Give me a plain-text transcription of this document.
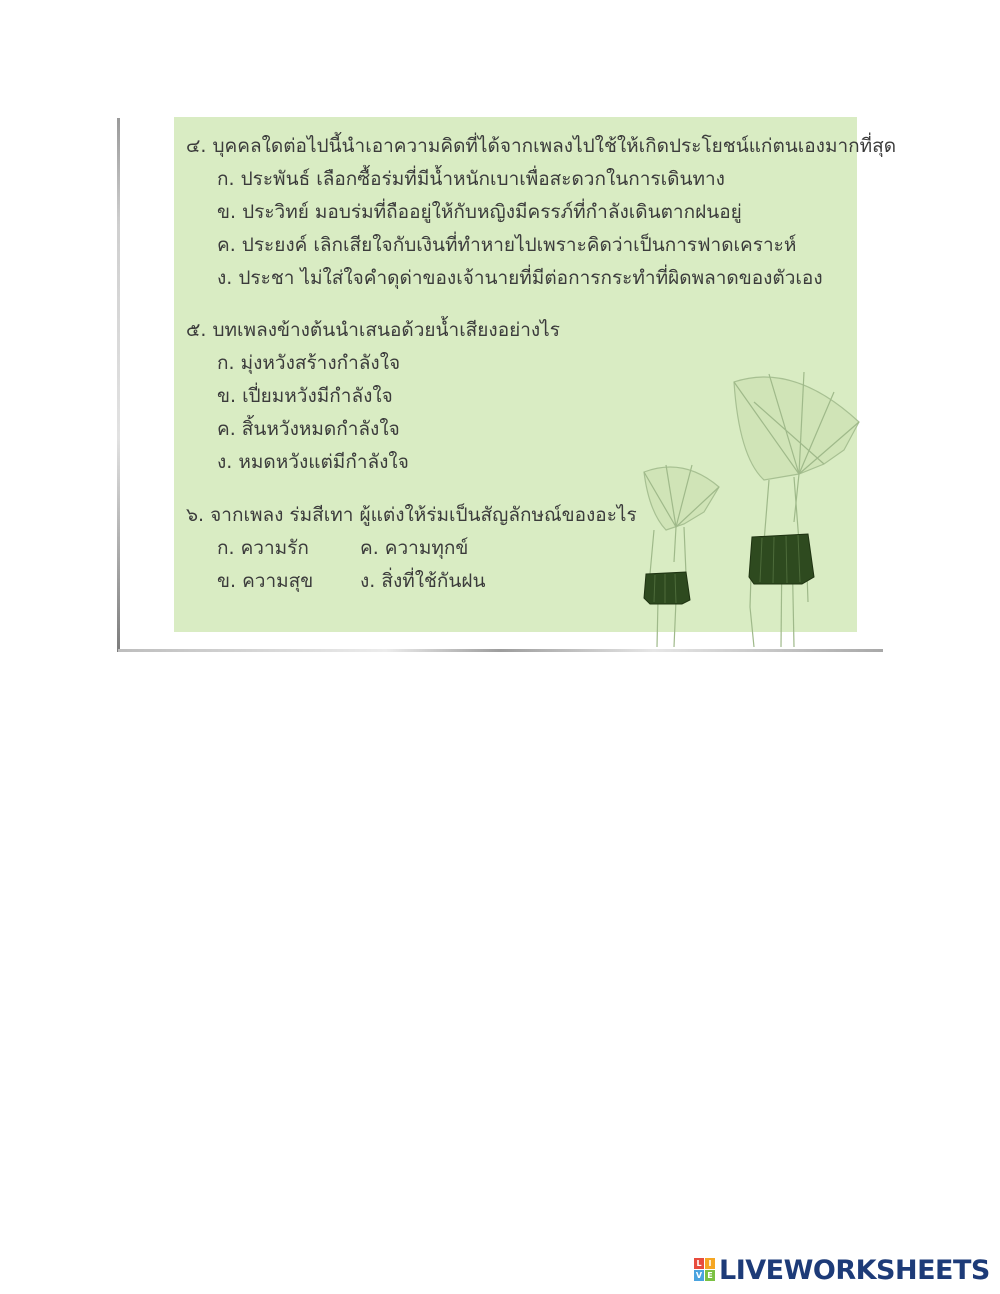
๔. บุคคลใดต่อไปนี้นำเอาความคิดที่ได้จากเพลงไปใช้ให้เกิดประโยชน์แก่ตนเองมากที่สุด
ก. ประพันธ์ เลือกซื้อร่มที่มีน้ำหนักเบาเพื่อสะดวกในการเดินทาง
ข. ประวิทย์ มอบร่มที่ถืออยู่ให้กับหญิงมีครรภ์ที่กำลังเดินตากฝนอยู่
ค. ประยงค์ เลิกเสียใจกับเงินที่ทำหายไปเพราะคิดว่าเป็นการฟาดเคราะห์
ง. ประชา ไม่ใส่ใจคำดุด่าของเจ้านายที่มีต่อการกระทำที่ผิดพลาดของตัวเอง
๕. บทเพลงข้างต้นนำเสนอด้วยน้ำเสียงอย่างไร
ก. มุ่งหวังสร้างกำลังใจ
ข. เปี่ยมหวังมีกำลังใจ
ค. สิ้นหวังหมดกำลังใจ
ง. หมดหวังแต่มีกำลังใจ
๖. จากเพลง ร่มสีเทา ผู้แต่งให้ร่มเป็นสัญลักษณ์ของอะไร
ก. ความรัก	ค. ความทุกข์
ข. ความสุข ง. สิ่งที่ใช้กันฝน
L I
V E LIVEWORKSHEETS
